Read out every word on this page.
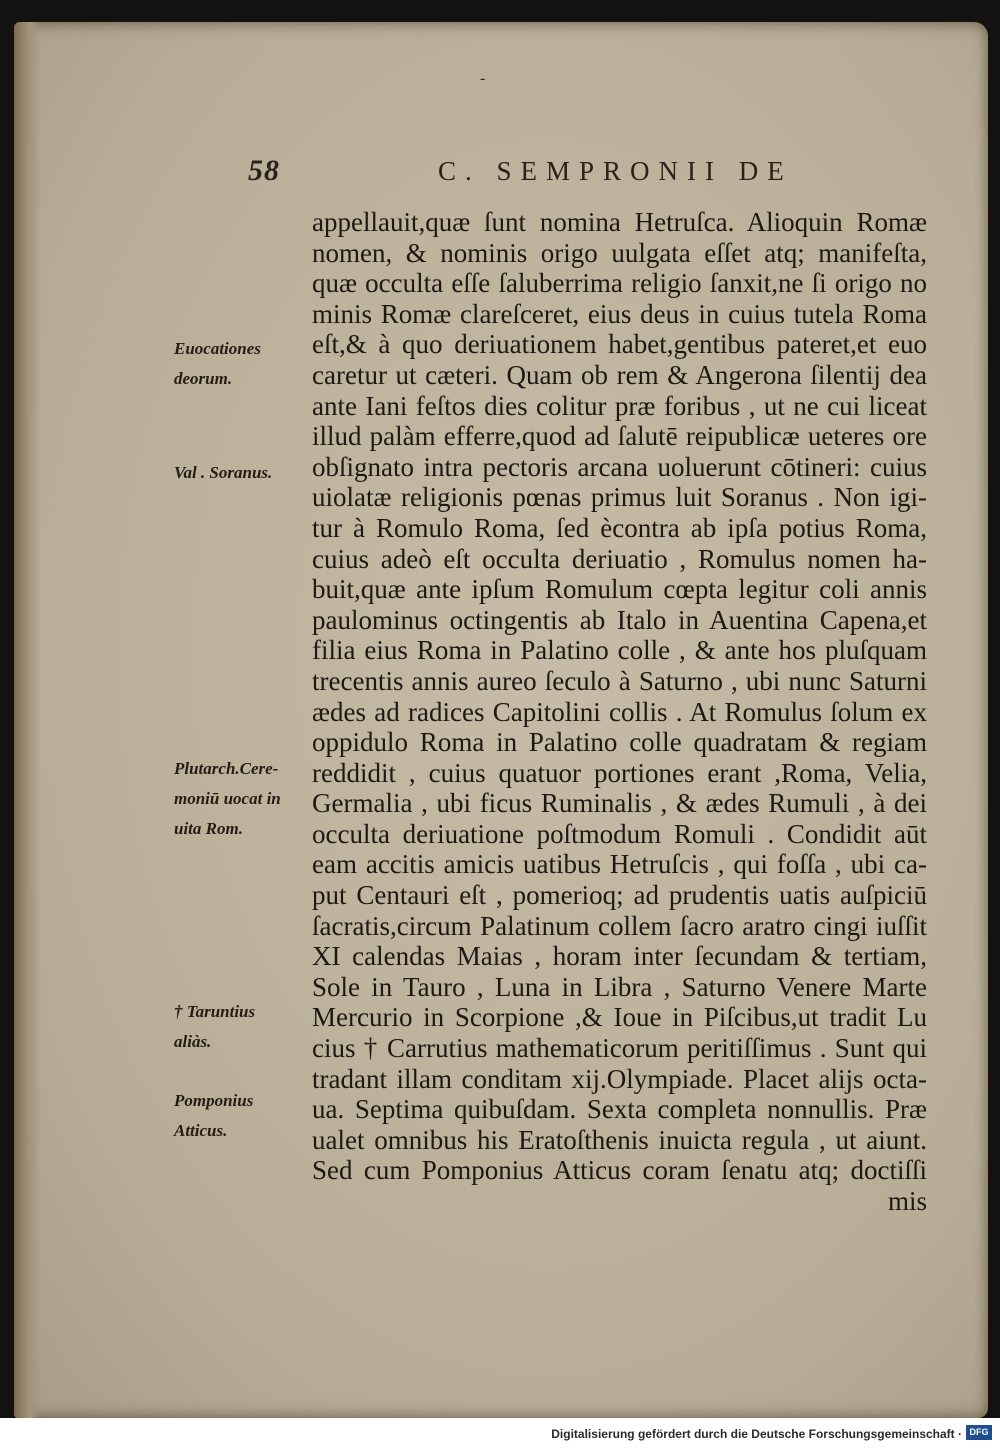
58	C. SEMPRONII DE
appellauit,quæ ſunt nomina Hetruſca. Alioquin Romæ
nomen, & nominis origo uulgata eſſet atq; manifeſta,
quæ occulta eſſe ſaluberrima religio ſanxit,ne ſi origo no
minis Romæ clareſceret, eius deus in cuius tutela Roma
eſt,& à quo deriuationem habet,gentibus pateret,et euo
caretur ut cæteri. Quam ob rem & Angerona ſilentij dea
ante Iani feſtos dies colitur præ foribus , ut ne cui liceat
illud palàm efferre,quod ad ſalutē reipublicæ ueteres ore
obſignato intra pectoris arcana uoluerunt cōtineri: cuius
uiolatæ religionis pœnas primus luit Soranus . Non igi-
tur à Romulo Roma, ſed ècontra ab ipſa potius Roma,
cuius adeò eſt occulta deriuatio , Romulus nomen ha-
buit,quæ ante ipſum Romulum cœpta legitur coli annis
paulominus octingentis ab Italo in Auentina Capena,et
filia eius Roma in Palatino colle , & ante hos pluſquam
trecentis annis aureo ſeculo à Saturno , ubi nunc Saturni
ædes ad radices Capitolini collis . At Romulus ſolum ex
oppidulo Roma in Palatino colle quadratam & regiam
reddidit , cuius quatuor portiones erant ,Roma, Velia,
Germalia , ubi ficus Ruminalis , & ædes Rumuli , à dei
occulta deriuatione poſtmodum Romuli . Condidit aūt
eam accitis amicis uatibus Hetruſcis , qui foſſa , ubi ca-
put Centauri eſt , pomerioq; ad prudentis uatis auſpiciū
ſacratis,circum Palatinum collem ſacro aratro cingi iuſſit
XI calendas Maias , horam inter ſecundam & tertiam,
Sole in Tauro , Luna in Libra , Saturno Venere Marte
Mercurio in Scorpione ,& Ioue in Piſcibus,ut tradit Lu
cius † Carrutius mathematicorum peritiſſimus . Sunt qui
tradant illam conditam xij.Olympiade. Placet alijs octa-
ua. Septima quibuſdam. Sexta completa nonnullis. Præ
ualet omnibus his Eratoſthenis inuicta regula , ut aiunt.
Sed cum Pomponius Atticus coram ſenatu atq; doctiſſi
mis
Euocationes
deorum.
Val . Soranus.
Plutarch.Cere-
moniū uocat in
uita Rom.
† Taruntius
aliàs.
Pomponius
Atticus.
-
Digitalisierung gefördert durch die Deutsche Forschungsgemeinschaft · DFG
